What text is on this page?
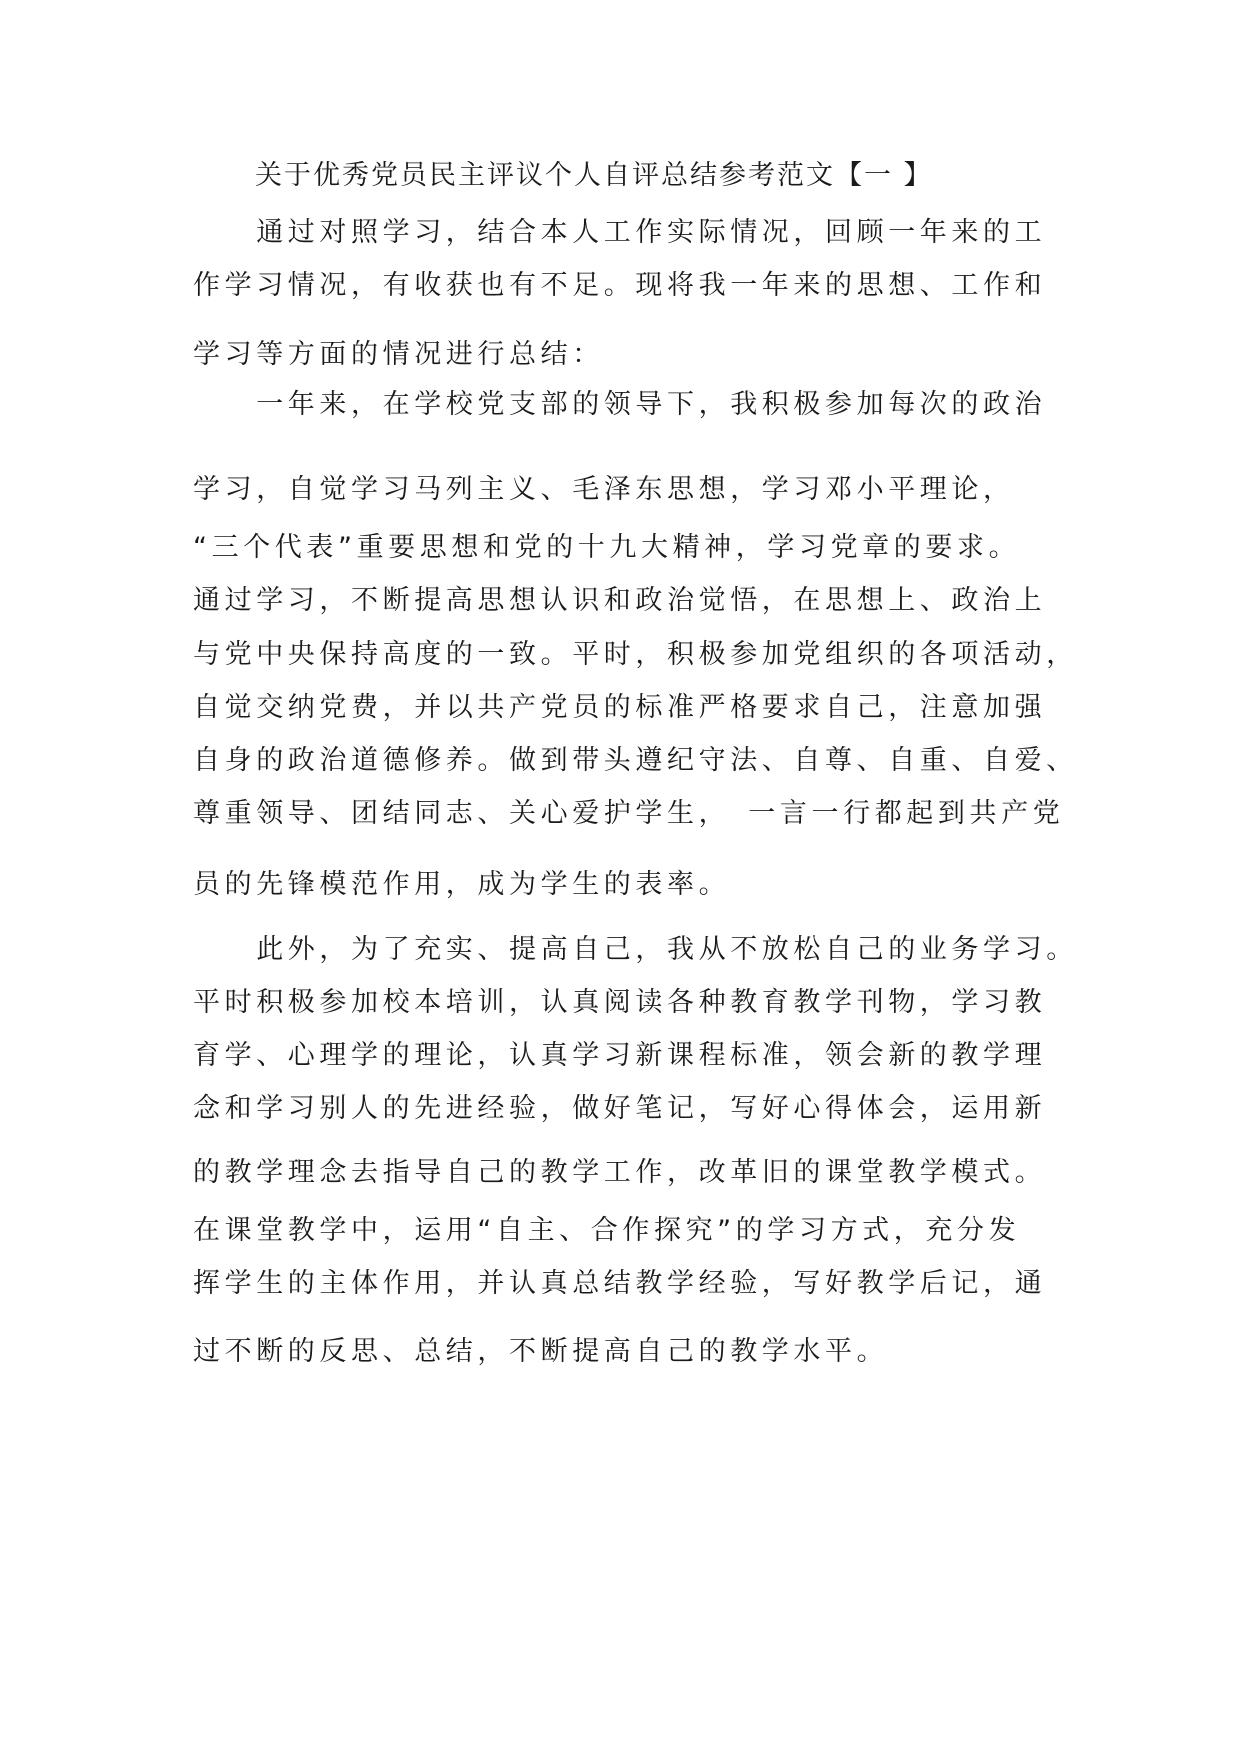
关于优秀党员民主评议个人自评总结参考范文【一 】

　　通过对照学习，结合本人工作实际情况，回顾一年来的工

作学习情况，有收获也有不足。现将我一年来的思想、工作和

学习等方面的情况进行总结：

　　一年来，在学校党支部的领导下，我积极参加每次的政治

学习，自觉学习马列主义、毛泽东思想，学习邓小平理论，

“三个代表”重要思想和党的十九大精神，学习党章的要求。

通过学习，不断提高思想认识和政治觉悟，在思想上、政治上

与党中央保持高度的一致。平时，积极参加党组织的各项活动，

自觉交纳党费，并以共产党员的标准严格要求自己，注意加强

自身的政治道德修养。做到带头遵纪守法、自尊、自重、自爱、

尊重领导、团结同志、关心爱护学生，　一言一行都起到共产党

员的先锋模范作用，成为学生的表率。

　　此外，为了充实、提高自己，我从不放松自己的业务学习。

平时积极参加校本培训，认真阅读各种教育教学刊物，学习教

育学、心理学的理论，认真学习新课程标准，领会新的教学理

念和学习别人的先进经验，做好笔记，写好心得体会，运用新

的教学理念去指导自己的教学工作，改革旧的课堂教学模式。

在课堂教学中，运用“自主、合作探究”的学习方式，充分发

挥学生的主体作用，并认真总结教学经验，写好教学后记，通

过不断的反思、总结，不断提高自己的教学水平。
